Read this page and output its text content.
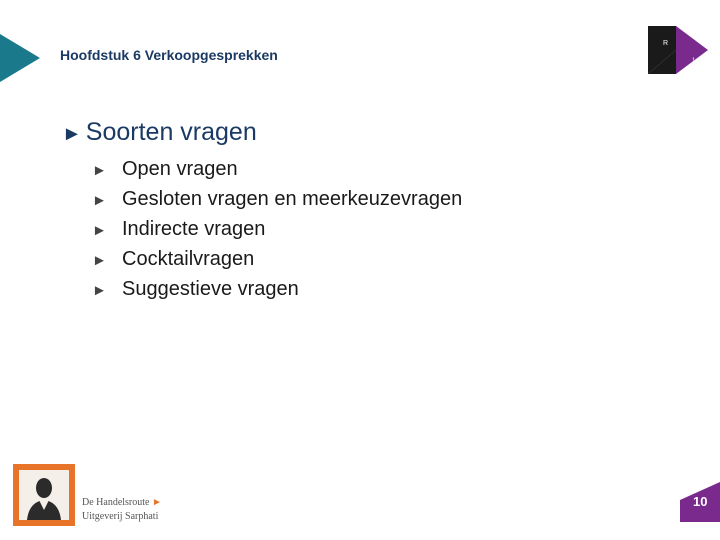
Hoofdstuk 6 Verkoopgesprekken
R
1
► Soorten vragen
► Open vragen
► Gesloten vragen en meerkeuzevragen
► Indirecte vragen
► Cocktailvragen
► Suggestieve vragen
De Handelsroute ►
Uitgeverij Sarphati
10
